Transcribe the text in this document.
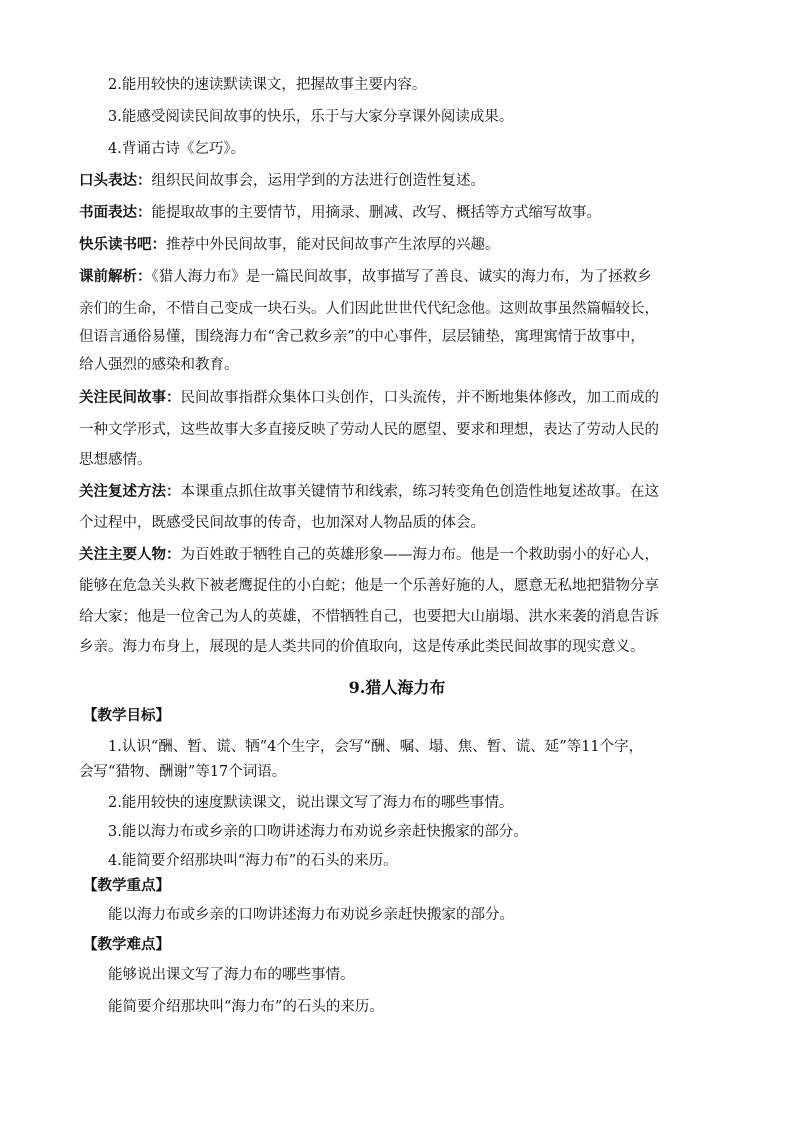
2.能用较快的速读默读课文，把握故事主要内容。
3.能感受阅读民间故事的快乐，乐于与大家分享课外阅读成果。
4.背诵古诗《乞巧》。
口头表达：组织民间故事会，运用学到的方法进行创造性复述。
书面表达：能提取故事的主要情节，用摘录、删减、改写、概括等方式缩写故事。
快乐读书吧：推荐中外民间故事，能对民间故事产生浓厚的兴趣。
课前解析：《猎人海力布》是一篇民间故事，故事描写了善良、诚实的海力布，为了拯救乡
亲们的生命，不惜自己变成一块石头。人们因此世世代代纪念他。这则故事虽然篇幅较长，
但语言通俗易懂，围绕海力布“舍己救乡亲”的中心事件，层层铺垫，寓理寓情于故事中，
给人强烈的感染和教育。
关注民间故事：民间故事指群众集体口头创作，口头流传，并不断地集体修改，加工而成的
一种文学形式，这些故事大多直接反映了劳动人民的愿望、要求和理想，表达了劳动人民的
思想感情。
关注复述方法：本课重点抓住故事关键情节和线索，练习转变角色创造性地复述故事。在这
个过程中，既感受民间故事的传奇，也加深对人物品质的体会。
关注主要人物：为百姓敢于牺牲自己的英雄形象——海力布。他是一个救助弱小的好心人，
能够在危急关头救下被老鹰捉住的小白蛇；他是一个乐善好施的人，愿意无私地把猎物分享
给大家；他是一位舍己为人的英雄，不惜牺牲自己，也要把大山崩塌、洪水来袭的消息告诉
乡亲。海力布身上，展现的是人类共同的价值取向，这是传承此类民间故事的现实意义。
9.猎人海力布
【教学目标】
1.认识“酬、暂、谎、牺”4个生字，会写“酬、嘱、塌、焦、暂、谎、延”等11个字，
会写“猎物、酬谢”等17个词语。
2.能用较快的速度默读课文，说出课文写了海力布的哪些事情。
3.能以海力布或乡亲的口吻讲述海力布劝说乡亲赶快搬家的部分。
4.能简要介绍那块叫“海力布”的石头的来历。
【教学重点】
能以海力布或乡亲的口吻讲述海力布劝说乡亲赶快搬家的部分。
【教学难点】
能够说出课文写了海力布的哪些事情。
能简要介绍那块叫“海力布”的石头的来历。
